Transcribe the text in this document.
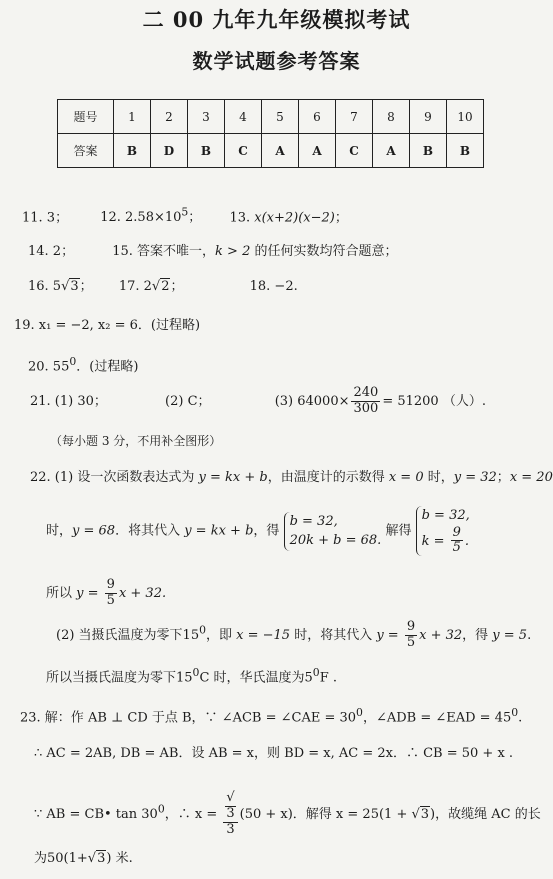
二 00 九年九年级模拟考试
数学试题参考答案
题号	1	2	3	4	5	6	7	8	9	10
答案	B	D	B	C	A	A	C	A	B	B
11. 3； 12. $2.58\times 10^5$； 13. x(x+2)(x−2)；
14. 2；	15. 答案不唯一，k > 2 的任何实数均符合题意；
16. 5√3； 17. 2√2；	18. −2.
19. x₁ = −2, x₂ = 6．(过程略)
20. $55^0$．(过程略)
21. (1) 30；	(2) C；	(3) $64000\times \frac{240}{300} = 51200$ （人）.
（每小题 3 分，不用补全图形）
22. (1) 设一次函数表达式为 y = kx + b，由温度计的示数得 x = 0 时，y = 32；x = 20
时，y = 68．将其代入 y = kx + b，得
b = 32,
20k + b = 68.
解得
b = 32,
$k = \frac{9}{5}$ .
所以 $y = \frac{9}{5}$ x + 32.
(2) 当摄氏温度为零下$15^0$，即 x = −15 时，将其代入 $y = \frac{9}{5}$ x + 32，得 y = 5.
所以当摄氏温度为零下$15^0C$ 时，华氏温度为$5^0F$ .
23. 解：作 AB ⊥ CD 于点 B，∵ ∠ACB = ∠CAE = $30^0$，∠ADB = ∠EAD = $45^0$.
∴ AC = 2AB, DB = AB．设 AB = x，则 BD = x, AC = 2x．∴ CB = 50 + x .
∵ AB = CB• $\tan 30^0$，∴ x = √
3
3 (50 + x)．解得 x = 25(1 + √3)，故缆绳 AC 的长
为50(1+√3) 米.
